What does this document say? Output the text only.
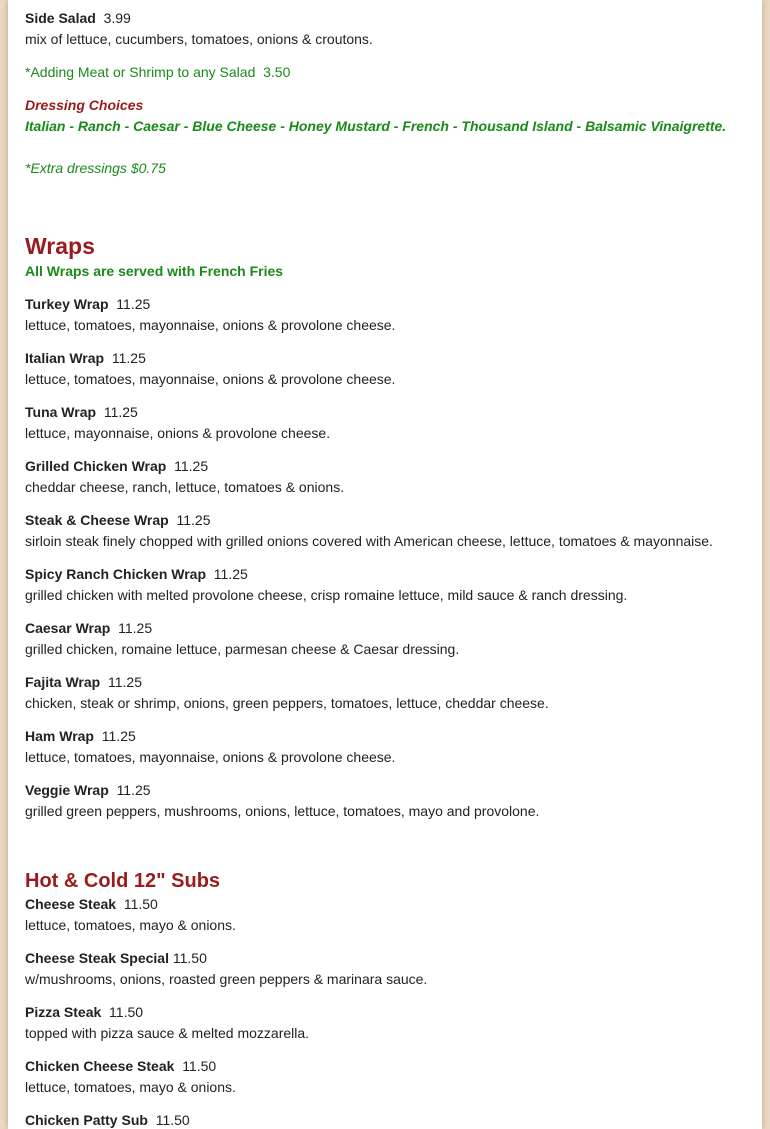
Side Salad 3.99
mix of lettuce, cucumbers, tomatoes, onions & croutons.
*Adding Meat or Shrimp to any Salad  3.50
Dressing Choices
Italian - Ranch - Caesar - Blue Cheese - Honey Mustard - French - Thousand Island - Balsamic Vinaigrette.
*Extra dressings $0.75
Wraps
All Wraps are served with French Fries
Turkey Wrap 11.25
lettuce, tomatoes, mayonnaise, onions & provolone cheese.
Italian Wrap 11.25
lettuce, tomatoes, mayonnaise, onions & provolone cheese.
Tuna Wrap 11.25
lettuce, mayonnaise, onions & provolone cheese.
Grilled Chicken Wrap 11.25
cheddar cheese, ranch, lettuce, tomatoes & onions.
Steak & Cheese Wrap 11.25
sirloin steak finely chopped with grilled onions covered with American cheese, lettuce, tomatoes & mayonnaise.
Spicy Ranch Chicken Wrap 11.25
grilled chicken with melted provolone cheese, crisp romaine lettuce, mild sauce & ranch dressing.
Caesar Wrap 11.25
grilled chicken, romaine lettuce, parmesan cheese & Caesar dressing.
Fajita Wrap 11.25
chicken, steak or shrimp, onions, green peppers, tomatoes, lettuce, cheddar cheese.
Ham Wrap 11.25
lettuce, tomatoes, mayonnaise, onions & provolone cheese.
Veggie Wrap 11.25
grilled green peppers, mushrooms, onions, lettuce, tomatoes, mayo and provolone.
Hot & Cold 12" Subs
Cheese Steak 11.50
lettuce, tomatoes, mayo & onions.
Cheese Steak Special 11.50
w/mushrooms, onions, roasted green peppers & marinara sauce.
Pizza Steak 11.50
topped with pizza sauce & melted mozzarella.
Chicken Cheese Steak 11.50
lettuce, tomatoes, mayo & onions.
Chicken Patty Sub 11.50
